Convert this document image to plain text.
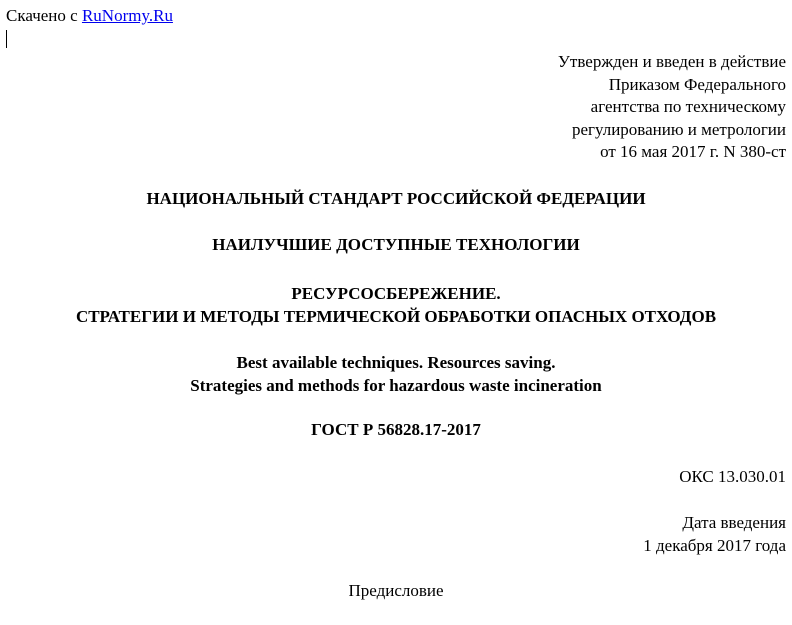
Скачено с RuNormy.Ru
Утвержден и введен в действие
Приказом Федерального
агентства по техническому
регулированию и метрологии
от 16 мая 2017 г. N 380-ст
НАЦИОНАЛЬНЫЙ СТАНДАРТ РОССИЙСКОЙ ФЕДЕРАЦИИ
НАИЛУЧШИЕ ДОСТУПНЫЕ ТЕХНОЛОГИИ
РЕСУРСОСБЕРЕЖЕНИЕ.
СТРАТЕГИИ И МЕТОДЫ ТЕРМИЧЕСКОЙ ОБРАБОТКИ ОПАСНЫХ ОТХОДОВ
Best available techniques. Resources saving.
Strategies and methods for hazardous waste incineration
ГОСТ Р 56828.17-2017
ОКС 13.030.01
Дата введения
1 декабря 2017 года
Предисловие
